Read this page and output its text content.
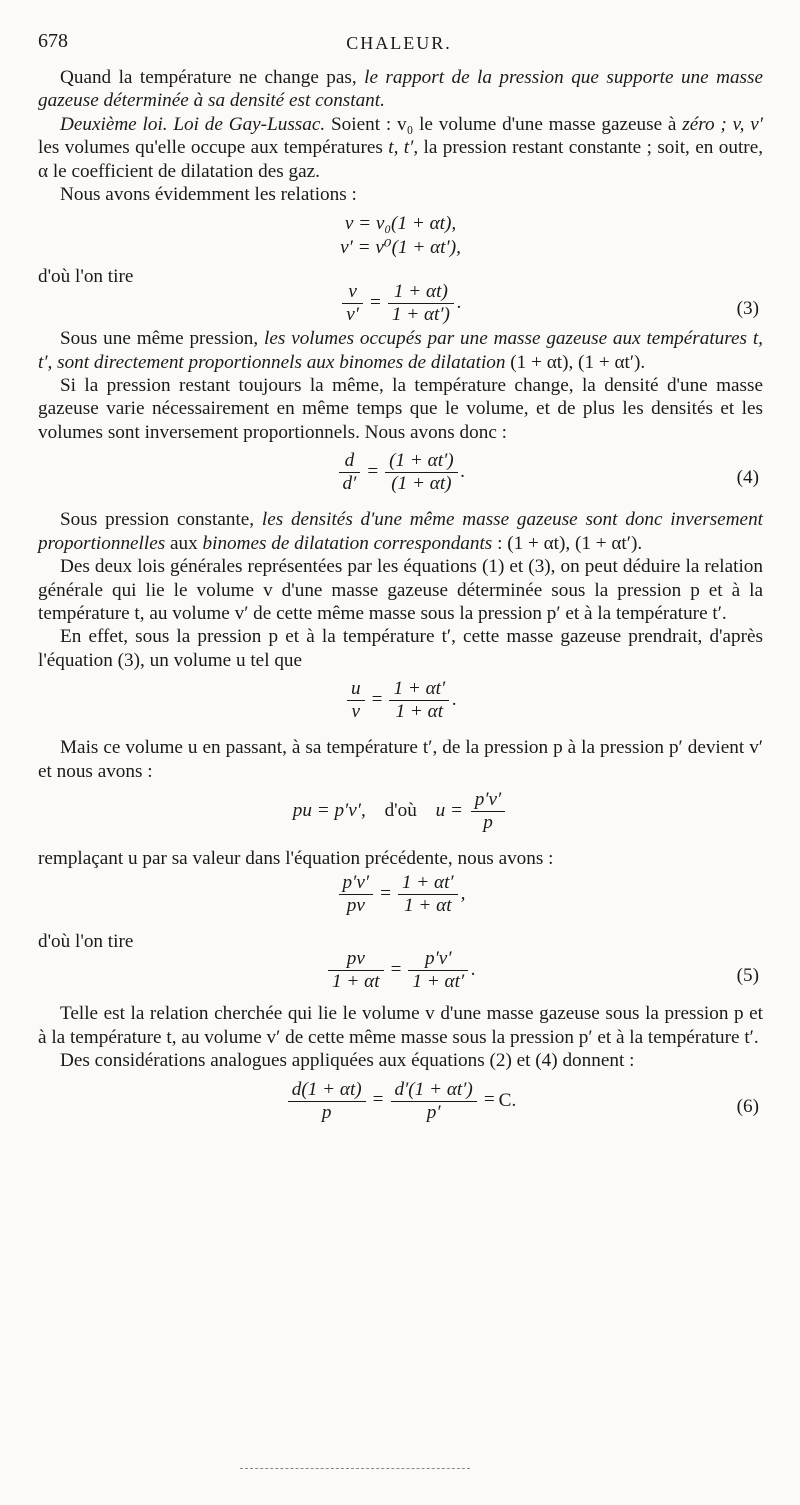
678	CHALEUR.

Quand la température ne change pas, le rapport de la pression que supporte une masse gazeuse déterminée à sa densité est constant.

Deuxième loi. Loi de Gay-Lussac. Soient : v₀ le volume d'une masse gazeuse à zéro ; v, v′ les volumes qu'elle occupe aux températures t, t′, la pression restant constante ; soit, en outre, α le coefficient de dilatation des gaz.

Nous avons évidemment les relations :

v = v₀(1 + αt),
v′ = v⁰(1 + αt′),
d'où l'on tire
$\frac{v}{v'} = \frac{1 + \alpha t)}{1 + \alpha t')}$ .	(3)

Sous une même pression, les volumes occupés par une masse gazeuse aux températures t, t′, sont directement proportionnels aux binomes de dilatation (1 + αt), (1 + αt′).

Si la pression restant toujours la même, la température change, la densité d'une masse gazeuse varie nécessairement en même temps que le volume, et de plus les densités et les volumes sont inversement proportionnels. Nous avons donc :

$\frac{d}{d'} = \frac{(1 + \alpha t')}{(1 + \alpha t)}$ .	(4)

Sous pression constante, les densités d'une même masse gazeuse sont donc inversement proportionnelles aux binomes de dilatation correspondants : (1 + αt), (1 + αt′).

Des deux lois générales représentées par les équations (1) et (3), on peut déduire la relation générale qui lie le volume v d'une masse gazeuse déterminée sous la pression p et à la température t, au volume v′ de cette même masse sous la pression p′ et à la température t′.

En effet, sous la pression p et à la température t′, cette masse gazeuse prendrait, d'après l'équation (3), un volume u tel que

$\frac{u}{v} = \frac{1 + \alpha t'}{1 + \alpha t}$ .

Mais ce volume u en passant, à sa température t′, de la pression p à la pression p′ devient v′ et nous avons :

pu = p′v′, d'où $u = \frac{p'v'}{p}$

remplaçant u par sa valeur dans l'équation précédente, nous avons :

$\frac{p'v'}{pv} = \frac{1 + \alpha t'}{1 + \alpha t}$ ,
d'où l'on tire
$\frac{pv}{1 + \alpha t} = \frac{p'v'}{1 + \alpha t'}$ .	(5)

Telle est la relation cherchée qui lie le volume v d'une masse gazeuse sous la pression p et à la température t, au volume v′ de cette même masse sous la pression p′ et à la température t′.

Des considérations analogues appliquées aux équations (2) et (4) donnent :

$\frac{d(1 + \alpha t)}{p} = \frac{d'(1 + \alpha t')}{p'} = C$.	(6)
